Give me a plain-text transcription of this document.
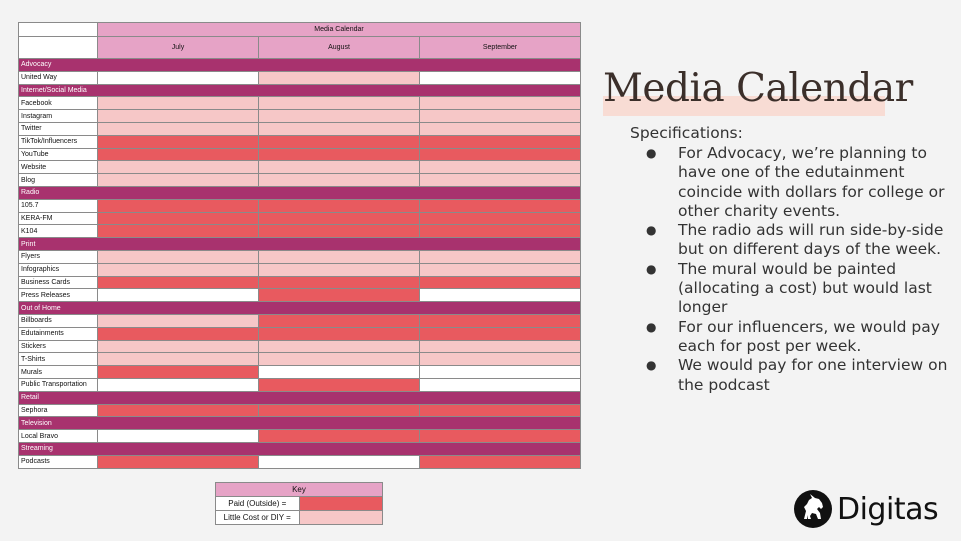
	Media Calendar		
	July	August	September
Advocacy			
United Way			
Internet/Social Media			
Facebook			
Instagram			
Twitter			
TikTok/Influencers			
YouTube			
Website			
Blog			
Radio			
105.7			
KERA-FM			
K104			
Print			
Flyers			
Infographics			
Business Cards			
Press Releases			
Out of Home			
Billboards			
Edutainments			
Stickers			
T-Shirts			
Murals			
Public Transportation			
Retail			
Sephora			
Television			
Local Bravo			
Streaming			
Podcasts			
Key	
Paid (Outside) =	
Little Cost or DIY =	
Media Calendar
Specifications:
● For Advocacy, we’re planning to have one of the edutainment coincide with dollars for college or other charity events.
● The radio ads will run side-by-side but on different days of the week.
● The mural would be painted (allocating a cost) but would last longer
● For our influencers, we would pay each for post per week.
● We would pay for one interview on the podcast
Digitas
